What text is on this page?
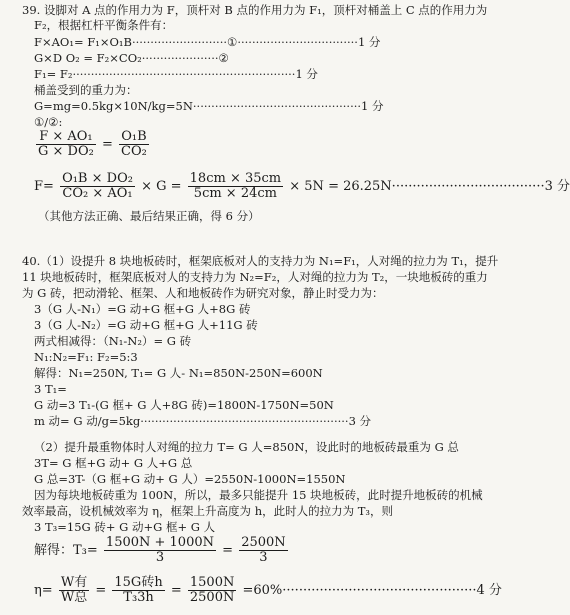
39. 设脚对 A 点的作用力为 F，顶杆对 B 点的作用力为 F₁，顶杆对桶盖上 C 点的作用力为
F₂，根据杠杆平衡条件有：
F×AO₁= F₁×O₁B··························①·································1 分
G×D O₂ = F₂×CO₂·····················②
F₁= F₂·····························································1 分
桶盖受到的重力为：
G=mg=0.5kg×10N/kg=5N··············································1 分
①/②:
$\frac{\text{F × AO₁}}{\text{G × DO₂}} = \frac{\text{O₁B}}{\text{CO₂}}$
$F= \frac{\text{O₁B × DO₂}}{\text{CO₂ × AO₁}} \times G = \frac{18cm \times 35cm}{5cm \times 24cm} \times 5N = 26.25N\cdot\cdot\cdot\cdot\cdot\cdot\cdot\cdot\cdot\cdot\cdot\cdot\cdot\cdot\cdot\cdot\cdot\cdot\cdot\cdot\cdot\cdot\cdot\cdot\cdot\cdot\cdot\cdot\cdot\cdot\cdot\cdot\cdot\cdot\cdot\cdot\cdot 3$ 分
（其他方法正确、最后结果正确，得 6 分）
40.（1）设提升 8 块地板砖时，框架底板对人的支持力为 N₁=F₁，人对绳的拉力为 T₁，提升
11 块地板砖时，框架底板对人的支持力为 N₂=F₂，人对绳的拉力为 T₂，一块地板砖的重力
为 G 砖，把动滑轮、框架、人和地板砖作为研究对象，静止时受力为：
3（G 人-N₁）=G 动+G 框+G 人+8G 砖
3（G 人-N₂）=G 动+G 框+G 人+11G 砖
两式相减得：（N₁-N₂）= G 砖
N₁:N₂=F₁: F₂=5:3
解得：N₁=250N, T₁= G 人- N₁=850N-250N=600N
3 T₁=
G 动=3 T₁-(G 框+ G 人+8G 砖)=1800N-1750N=50N
m 动= G 动/g=5kg·························································3 分
（2）提升最重物体时人对绳的拉力 T= G 人=850N，设此时的地板砖最重为 G 总
3T= G 框+G 动+ G 人+G 总
G 总=3T-（G 框+G 动+ G 人）=2550N-1000N=1550N
因为每块地板砖重为 100N，所以，最多只能提升 15 块地板砖，此时提升地板砖的机械
效率最高，设机械效率为 η，框架上升高度为 h，此时人的拉力为 T₃，则
3 T₃=15G 砖+ G 动+G 框+ G 人
解得：$T_3= \frac{1500N + 1000N}{3} = \frac{2500N}{3}$
$\eta= \frac{\text{W有}}{\text{W总}} = \frac{\text{15G砖h}}{\text{T₃3h}} = \frac{1500N}{2500N} =60\%\cdot\cdot\cdot\cdot\cdot\cdot\cdot\cdot\cdot\cdot\cdot\cdot\cdot\cdot\cdot\cdot\cdot\cdot\cdot\cdot\cdot\cdot\cdot\cdot\cdot\cdot\cdot\cdot\cdot\cdot\cdot\cdot\cdot\cdot\cdot\cdot\cdot\cdot\cdot\cdot\cdot\cdot\cdot\cdot\cdot\cdot\cdot 4$ 分
